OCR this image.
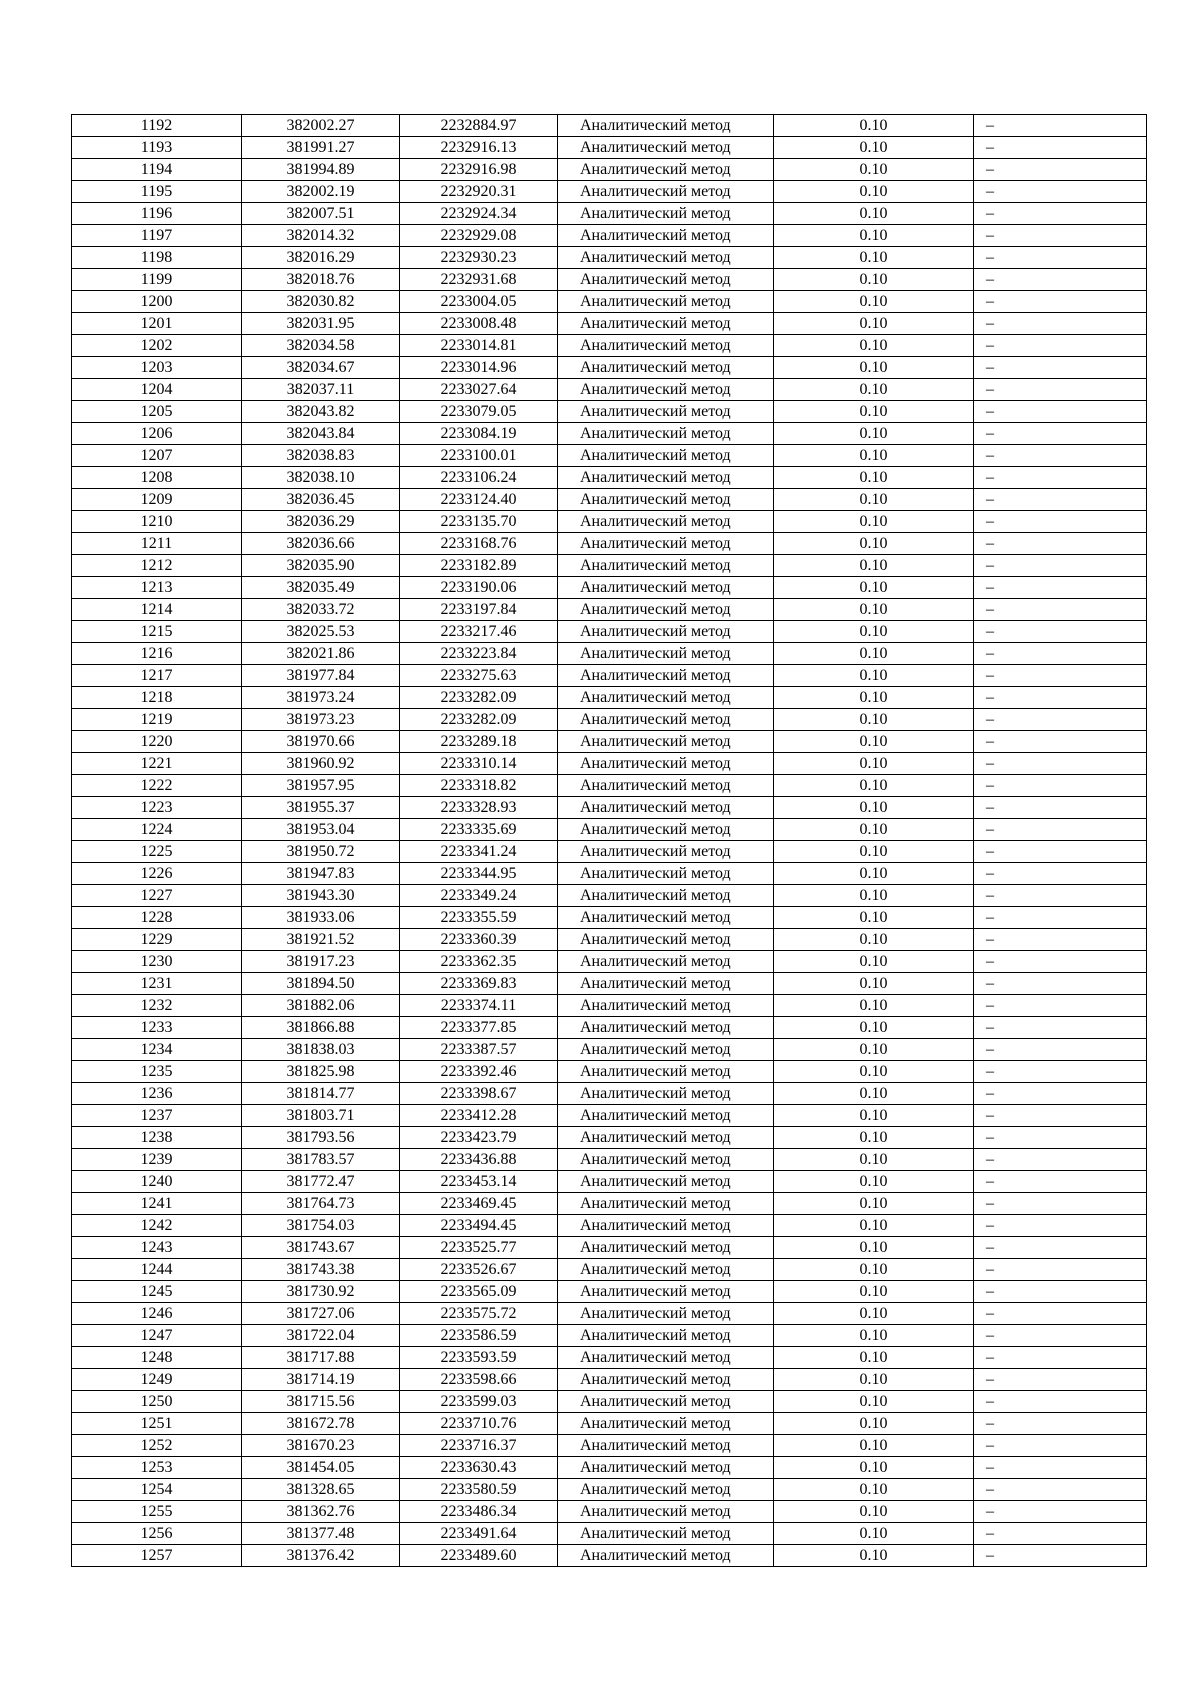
1192	382002.27	2232884.97	Аналитический метод	0.10	–
1193	381991.27	2232916.13	Аналитический метод	0.10	–
1194	381994.89	2232916.98	Аналитический метод	0.10	–
1195	382002.19	2232920.31	Аналитический метод	0.10	–
1196	382007.51	2232924.34	Аналитический метод	0.10	–
1197	382014.32	2232929.08	Аналитический метод	0.10	–
1198	382016.29	2232930.23	Аналитический метод	0.10	–
1199	382018.76	2232931.68	Аналитический метод	0.10	–
1200	382030.82	2233004.05	Аналитический метод	0.10	–
1201	382031.95	2233008.48	Аналитический метод	0.10	–
1202	382034.58	2233014.81	Аналитический метод	0.10	–
1203	382034.67	2233014.96	Аналитический метод	0.10	–
1204	382037.11	2233027.64	Аналитический метод	0.10	–
1205	382043.82	2233079.05	Аналитический метод	0.10	–
1206	382043.84	2233084.19	Аналитический метод	0.10	–
1207	382038.83	2233100.01	Аналитический метод	0.10	–
1208	382038.10	2233106.24	Аналитический метод	0.10	–
1209	382036.45	2233124.40	Аналитический метод	0.10	–
1210	382036.29	2233135.70	Аналитический метод	0.10	–
1211	382036.66	2233168.76	Аналитический метод	0.10	–
1212	382035.90	2233182.89	Аналитический метод	0.10	–
1213	382035.49	2233190.06	Аналитический метод	0.10	–
1214	382033.72	2233197.84	Аналитический метод	0.10	–
1215	382025.53	2233217.46	Аналитический метод	0.10	–
1216	382021.86	2233223.84	Аналитический метод	0.10	–
1217	381977.84	2233275.63	Аналитический метод	0.10	–
1218	381973.24	2233282.09	Аналитический метод	0.10	–
1219	381973.23	2233282.09	Аналитический метод	0.10	–
1220	381970.66	2233289.18	Аналитический метод	0.10	–
1221	381960.92	2233310.14	Аналитический метод	0.10	–
1222	381957.95	2233318.82	Аналитический метод	0.10	–
1223	381955.37	2233328.93	Аналитический метод	0.10	–
1224	381953.04	2233335.69	Аналитический метод	0.10	–
1225	381950.72	2233341.24	Аналитический метод	0.10	–
1226	381947.83	2233344.95	Аналитический метод	0.10	–
1227	381943.30	2233349.24	Аналитический метод	0.10	–
1228	381933.06	2233355.59	Аналитический метод	0.10	–
1229	381921.52	2233360.39	Аналитический метод	0.10	–
1230	381917.23	2233362.35	Аналитический метод	0.10	–
1231	381894.50	2233369.83	Аналитический метод	0.10	–
1232	381882.06	2233374.11	Аналитический метод	0.10	–
1233	381866.88	2233377.85	Аналитический метод	0.10	–
1234	381838.03	2233387.57	Аналитический метод	0.10	–
1235	381825.98	2233392.46	Аналитический метод	0.10	–
1236	381814.77	2233398.67	Аналитический метод	0.10	–
1237	381803.71	2233412.28	Аналитический метод	0.10	–
1238	381793.56	2233423.79	Аналитический метод	0.10	–
1239	381783.57	2233436.88	Аналитический метод	0.10	–
1240	381772.47	2233453.14	Аналитический метод	0.10	–
1241	381764.73	2233469.45	Аналитический метод	0.10	–
1242	381754.03	2233494.45	Аналитический метод	0.10	–
1243	381743.67	2233525.77	Аналитический метод	0.10	–
1244	381743.38	2233526.67	Аналитический метод	0.10	–
1245	381730.92	2233565.09	Аналитический метод	0.10	–
1246	381727.06	2233575.72	Аналитический метод	0.10	–
1247	381722.04	2233586.59	Аналитический метод	0.10	–
1248	381717.88	2233593.59	Аналитический метод	0.10	–
1249	381714.19	2233598.66	Аналитический метод	0.10	–
1250	381715.56	2233599.03	Аналитический метод	0.10	–
1251	381672.78	2233710.76	Аналитический метод	0.10	–
1252	381670.23	2233716.37	Аналитический метод	0.10	–
1253	381454.05	2233630.43	Аналитический метод	0.10	–
1254	381328.65	2233580.59	Аналитический метод	0.10	–
1255	381362.76	2233486.34	Аналитический метод	0.10	–
1256	381377.48	2233491.64	Аналитический метод	0.10	–
1257	381376.42	2233489.60	Аналитический метод	0.10	–
